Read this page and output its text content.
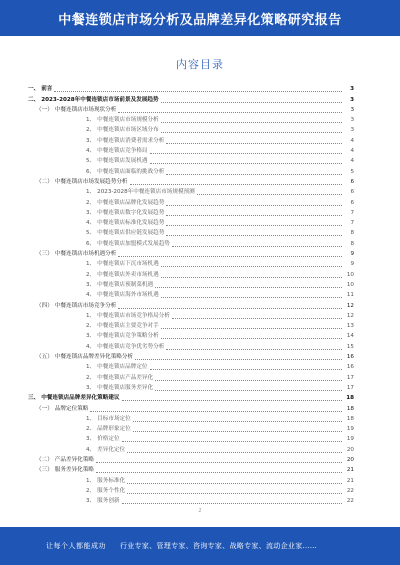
中餐连锁店市场分析及品牌差异化策略研究报告
内容目录
一、 前言	3
二、 2023-2028年中餐连锁店市场前景及发展趋势	3
（一） 中餐连锁店市场现状分析	3
1、 中餐连锁店市场规模分析	3
2、 中餐连锁店市场区域分布	3
3、 中餐连锁店消费者需求分析	4
4、 中餐连锁店竞争格局	4
5、 中餐连锁店发展机遇	4
6、 中餐连锁店面临的挑战分析	5
（二） 中餐连锁店市场发展趋势分析	6
1、 2023-2028年中餐连锁店市场规模预测	6
2、 中餐连锁店品牌化发展趋势	6
3、 中餐连锁店数字化发展趋势	7
4、 中餐连锁店标准化发展趋势	7
5、 中餐连锁店供应链发展趋势	8
6、 中餐连锁店加盟模式发展趋势	8
（三） 中餐连锁店市场机遇分析	9
1、 中餐连锁店下沉市场机遇	9
2、 中餐连锁店外卖市场机遇	10
3、 中餐连锁店预制菜机遇	10
4、 中餐连锁店海外市场机遇	11
（四） 中餐连锁店市场竞争分析	12
1、 中餐连锁店市场竞争格局分析	12
2、 中餐连锁店主要竞争对手	13
3、 中餐连锁店竞争策略分析	14
4、 中餐连锁店竞争优劣势分析	15
（五） 中餐连锁店品牌差异化策略分析	16
1、 中餐连锁店品牌定位	16
2、 中餐连锁店产品差异化	17
3、 中餐连锁店服务差异化	17
三、 中餐连锁店品牌差异化策略建议	18
（一） 品牌定位策略	18
1、 目标市场定位	18
2、 品牌形象定位	19
3、 价格定位	19
4、 差异化定位	20
（二） 产品差异化策略	20
（三） 服务差异化策略	21
1、 服务标准化	21
2、 服务个性化	22
3、 服务创新	22
2
让每个人都能成功 行业专家、管理专家、咨询专家、战略专家、流动企业家……
